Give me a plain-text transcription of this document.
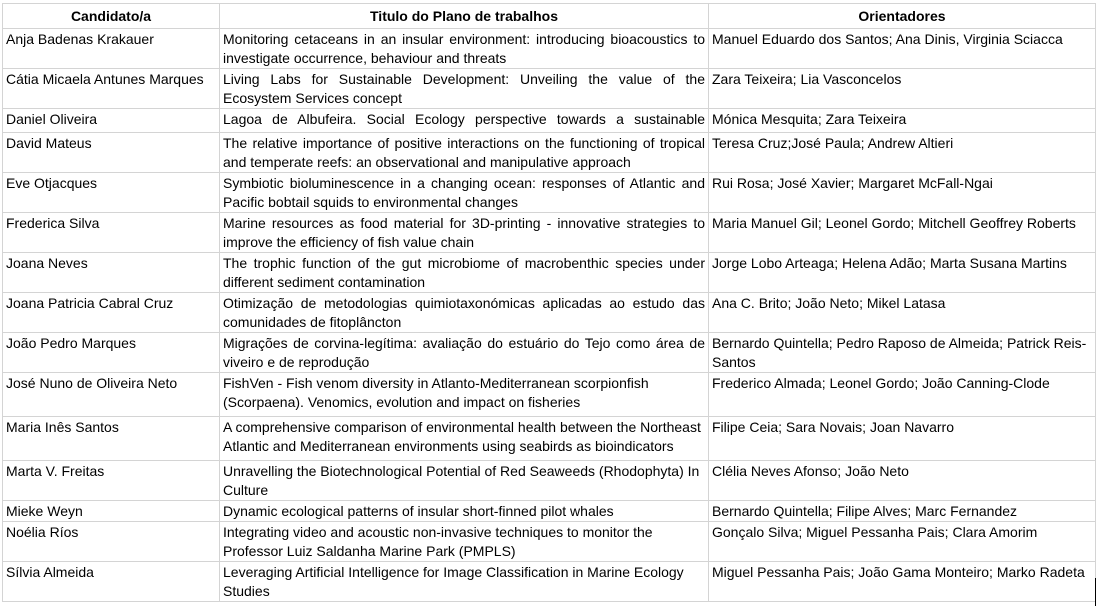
Candidato/a	Titulo do Plano de trabalhos	Orientadores

Anja Badenas Krakauer	Monitoring cetaceans in an insular environment: introducing bioacoustics to investigate occurrence, behaviour and threats	Manuel Eduardo dos Santos; Ana Dinis, Virginia Sciacca

Cátia Micaela Antunes Marques	Living Labs for Sustainable Development: Unveiling the value of the Ecosystem Services concept	Zara Teixeira; Lia Vasconcelos

Daniel Oliveira	Lagoa de Albufeira. Social Ecology perspective towards a sustainable	Mónica Mesquita; Zara Teixeira

David Mateus	The relative importance of positive interactions on the functioning of tropical and temperate reefs: an observational and manipulative approach	Teresa Cruz;José Paula; Andrew Altieri

Eve Otjacques	Symbiotic bioluminescence in a changing ocean: responses of Atlantic and Pacific bobtail squids to environmental changes	Rui Rosa; José Xavier; Margaret McFall-Ngai

Frederica Silva	Marine resources as food material for 3D-printing - innovative strategies to improve the efficiency of fish value chain	Maria Manuel Gil; Leonel Gordo; Mitchell Geoffrey Roberts

Joana Neves	The trophic function of the gut microbiome of macrobenthic species under different sediment contamination	Jorge Lobo Arteaga; Helena Adão; Marta Susana Martins

Joana Patricia Cabral Cruz	Otimização de metodologias quimiotaxonómicas aplicadas ao estudo das comunidades de fitoplâncton	Ana C. Brito; João Neto; Mikel Latasa

João Pedro Marques	Migrações de corvina-legítima: avaliação do estuário do Tejo como área de viveiro e de reprodução	Bernardo Quintella; Pedro Raposo de Almeida; Patrick Reis-Santos

José Nuno de Oliveira Neto	FishVen - Fish venom diversity in Atlanto-Mediterranean scorpionfish (Scorpaena). Venomics, evolution and impact on fisheries	Frederico Almada; Leonel Gordo; João Canning-Clode

Maria Inês Santos	A comprehensive comparison of environmental health between the Northeast Atlantic and Mediterranean environments using seabirds as bioindicators	Filipe Ceia; Sara Novais; Joan Navarro

Marta V. Freitas	Unravelling the Biotechnological Potential of Red Seaweeds (Rhodophyta) In Culture	Clélia Neves Afonso; João Neto

Mieke Weyn	Dynamic ecological patterns of insular short-finned pilot whales	Bernardo Quintella; Filipe Alves; Marc Fernandez

Noélia Ríos	Integrating video and acoustic non-invasive techniques to monitor the Professor Luiz Saldanha Marine Park (PMPLS)	Gonçalo Silva; Miguel Pessanha Pais; Clara Amorim

Sílvia Almeida	Leveraging Artificial Intelligence for Image Classification in Marine Ecology Studies	Miguel Pessanha Pais; João Gama Monteiro; Marko Radeta
